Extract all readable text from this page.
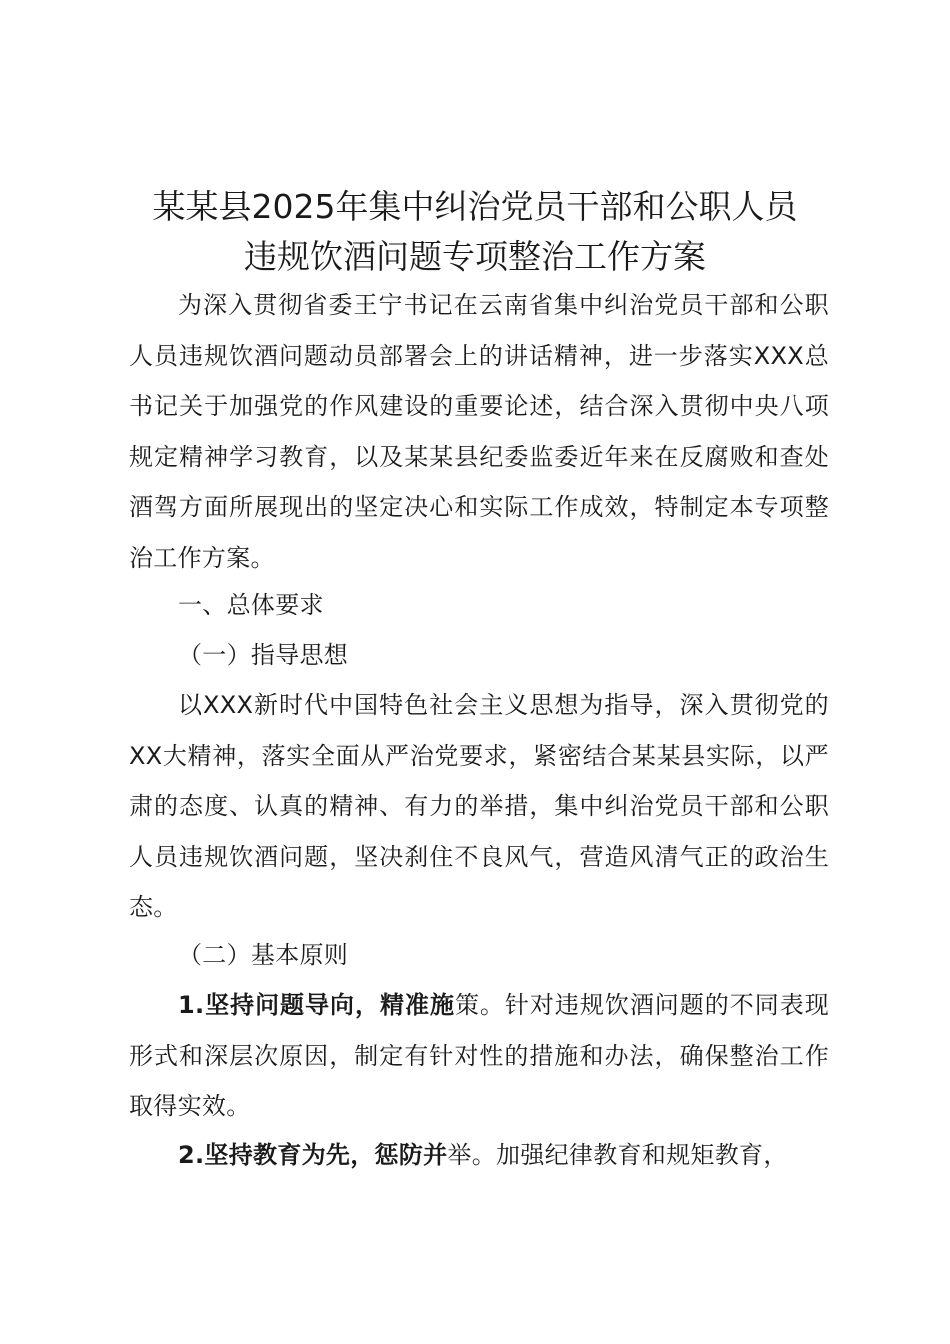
某某县2025年集中纠治党员干部和公职人员
违规饮酒问题专项整治工作方案
为深入贯彻省委王宁书记在云南省集中纠治党员干部和公职人员违规饮酒问题动员部署会上的讲话精神，进一步落实XXX总书记关于加强党的作风建设的重要论述，结合深入贯彻中央八项规定精神学习教育，以及某某县纪委监委近年来在反腐败和查处酒驾方面所展现出的坚定决心和实际工作成效，特制定本专项整治工作方案。
一、总体要求
（一）指导思想
以XXX新时代中国特色社会主义思想为指导，深入贯彻党的XX大精神，落实全面从严治党要求，紧密结合某某县实际，以严肃的态度、认真的精神、有力的举措，集中纠治党员干部和公职人员违规饮酒问题，坚决刹住不良风气，营造风清气正的政治生态。
（二）基本原则
1.坚持问题导向，精准施策。针对违规饮酒问题的不同表现形式和深层次原因，制定有针对性的措施和办法，确保整治工作取得实效。
2.坚持教育为先，惩防并举。加强纪律教育和规矩教育，
